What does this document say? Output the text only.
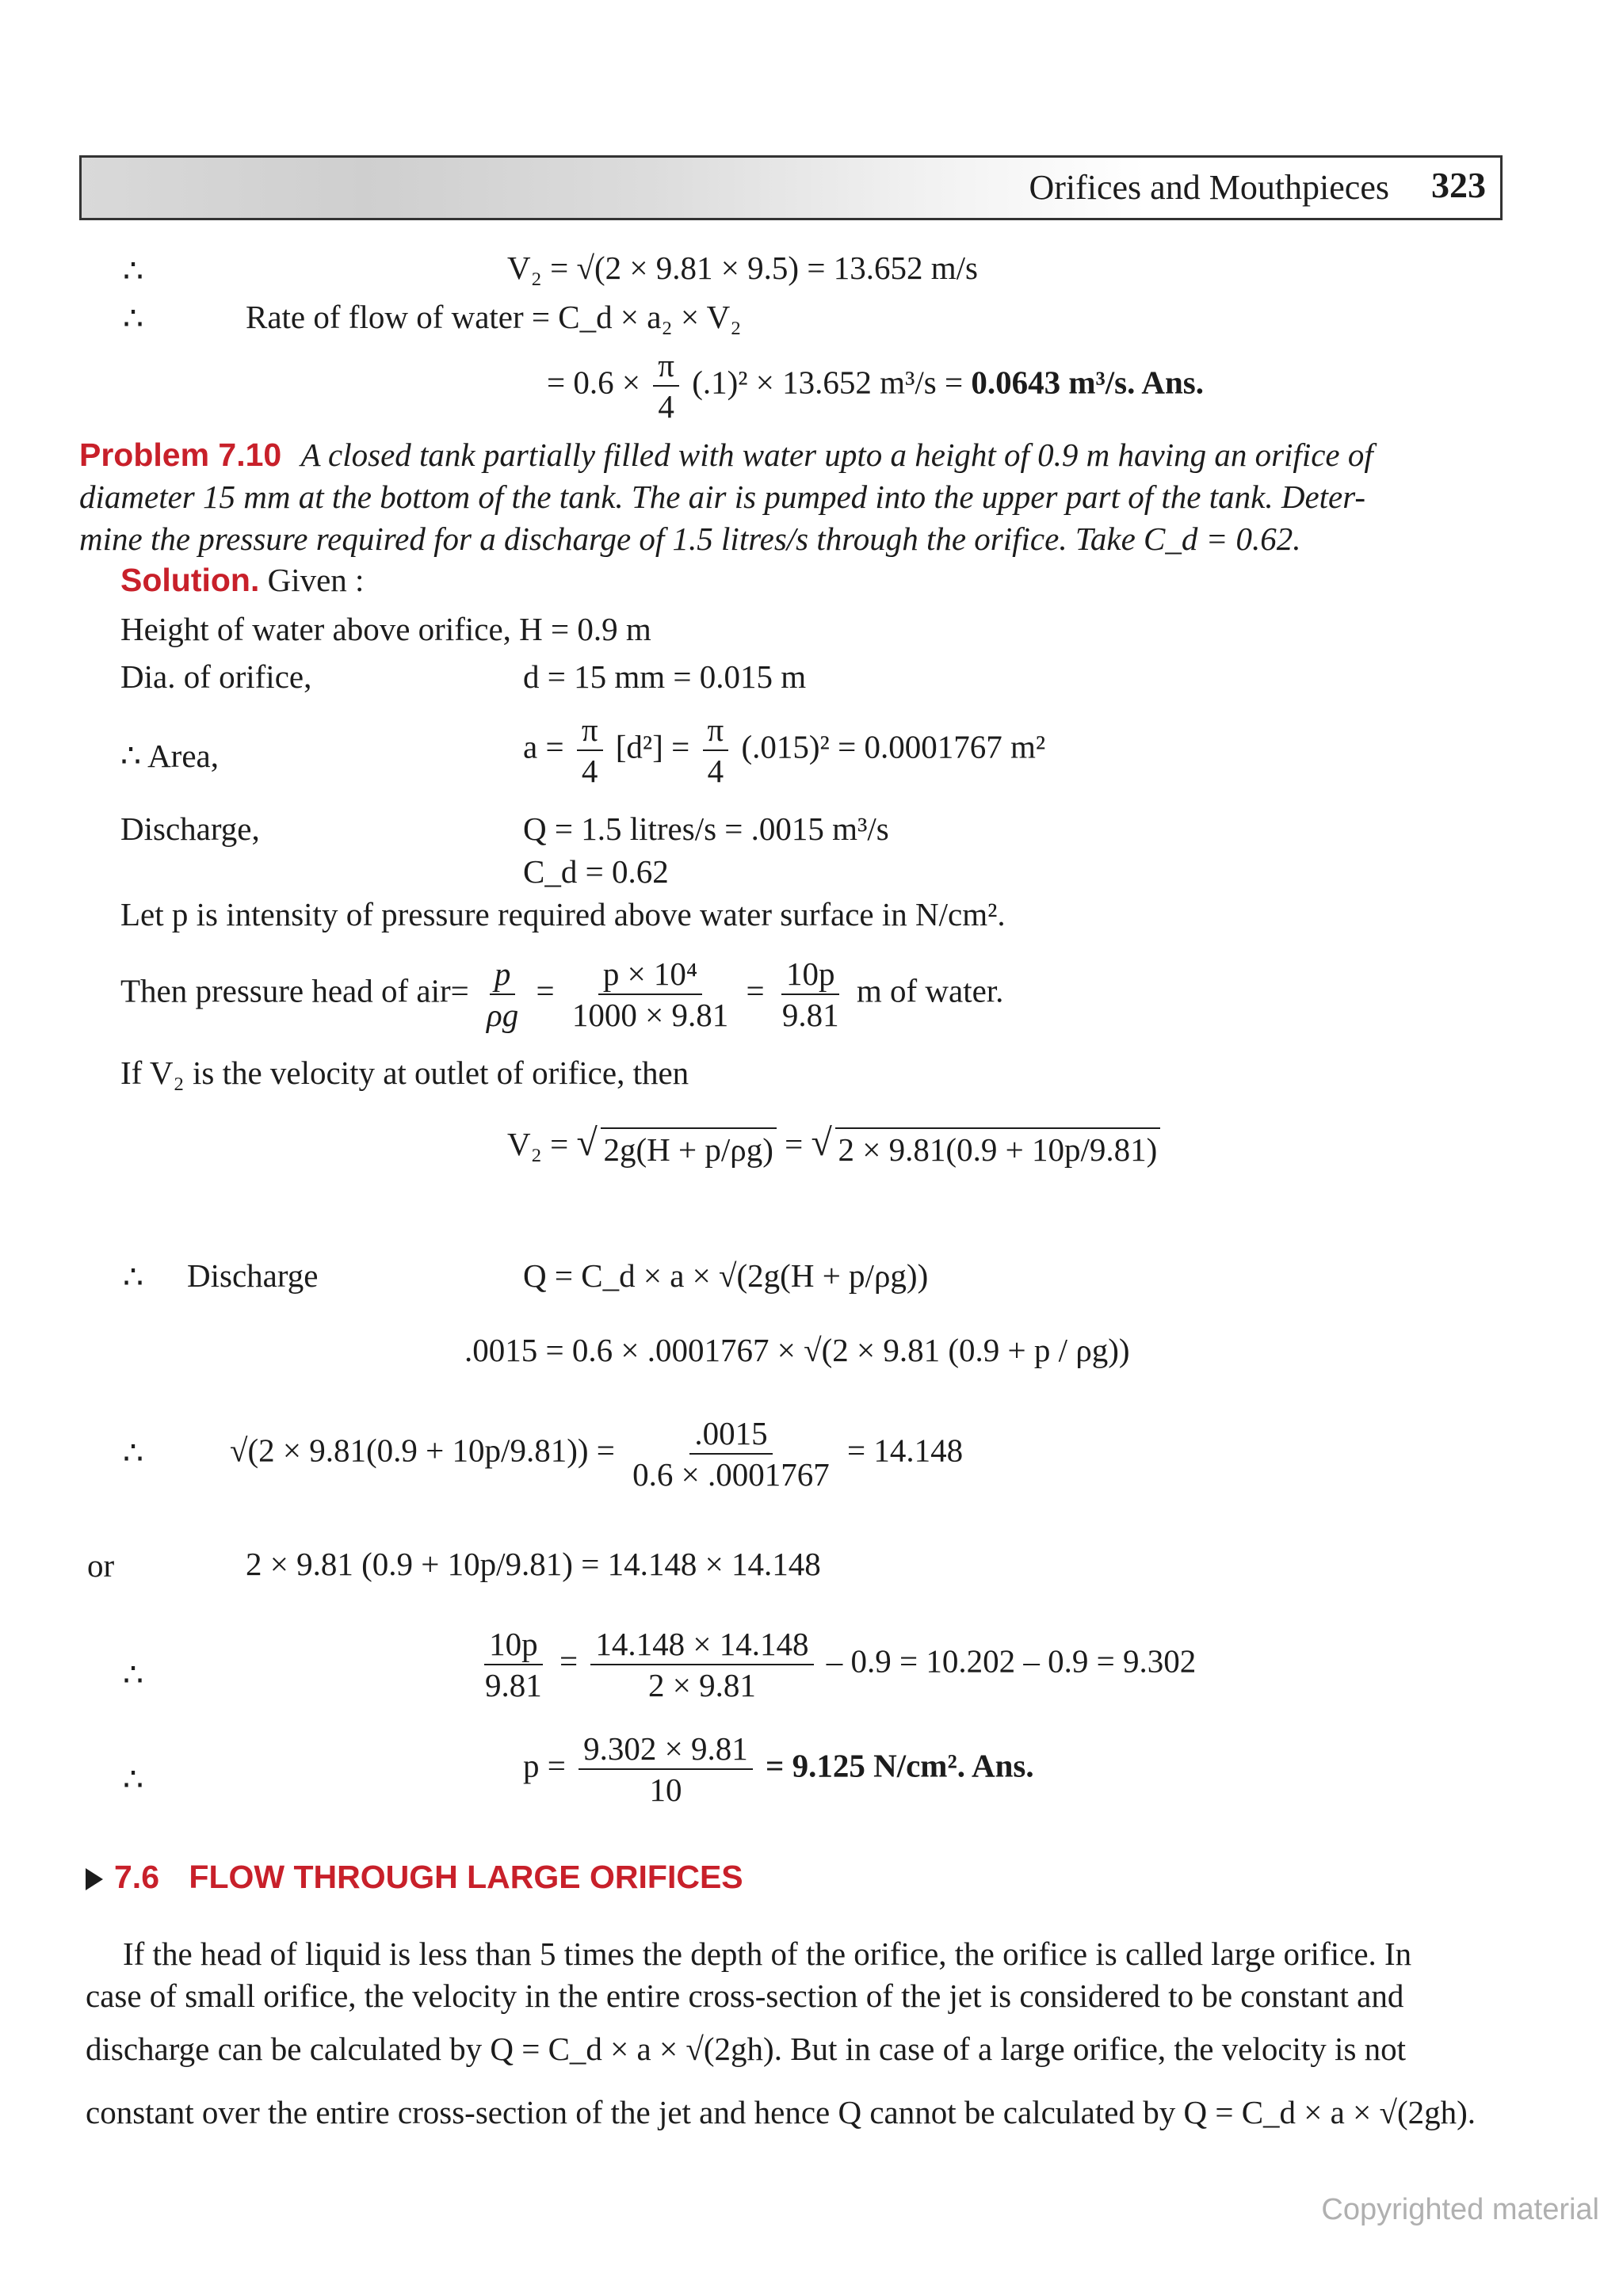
Orifices and Mouthpieces 323
∴	V₂ = √(2 × 9.81 × 9.5) = 13.652 m/s
∴	Rate of flow of water = C_d × a₂ × V₂
= $0.6 \times \frac{\pi}{4} (.1)^2 \times 13.652$ m³/s = 0.0643 m³/s. Ans.
Problem 7.10 A closed tank partially filled with water upto a height of 0.9 m having an orifice of
diameter 15 mm at the bottom of the tank. The air is pumped into the upper part of the tank. Deter-
mine the pressure required for a discharge of 1.5 litres/s through the orifice. Take C_d = 0.62.
Solution. Given :
Height of water above orifice, H = 0.9 m
Dia. of orifice,	d = 15 mm = 0.015 m
∴ Area,	$a = \frac{\pi}{4} [d^2] = \frac{\pi}{4} (.015)^2 = 0.0001767$ m²
Discharge,	Q = 1.5 litres/s = .0015 m³/s
C_d = 0.62
Let p is intensity of pressure required above water surface in N/cm².
Then pressure head of $air= \frac{p}{\rho g} = \frac{\text{p × 10⁴}}{1000 \times 9.81} = \frac{10p}{9.81}$ m of water.
If V₂ is the velocity at outlet of orifice, then
V₂ = √ 2g(H + p/ρg) = √ 2 × 9.81(0.9 + 10p/9.81)
∴ Discharge	Q = C_d × a × √(2g(H + p/ρg))
.0015 = 0.6 × .0001767 × √(2 × 9.81 (0.9 + p / ρg))
∴	$√(2 \times 9.81(0.9 + 10p/9.81)) = \frac{.0015}{0.6 \times .0001767} = 14.148$
or	2 × 9.81 (0.9 + 10p/9.81) = 14.148 × 14.148
∴	$\frac{10p}{9.81} = \frac{14.148 \times 14.148}{2 \times 9.81} - 0.9 = 10.202 - 0.9 = 9.302$
∴	$p = \frac{9.302 \times 9.81}{10} = 9.125$ N/cm². Ans.
7.6 FLOW THROUGH LARGE ORIFICES
If the head of liquid is less than 5 times the depth of the orifice, the orifice is called large orifice. In
case of small orifice, the velocity in the entire cross-section of the jet is considered to be constant and
discharge can be calculated by Q = C_d × a × √(2gh). But in case of a large orifice, the velocity is not
constant over the entire cross-section of the jet and hence Q cannot be calculated by Q = C_d × a × √(2gh).
Copyrighted material
